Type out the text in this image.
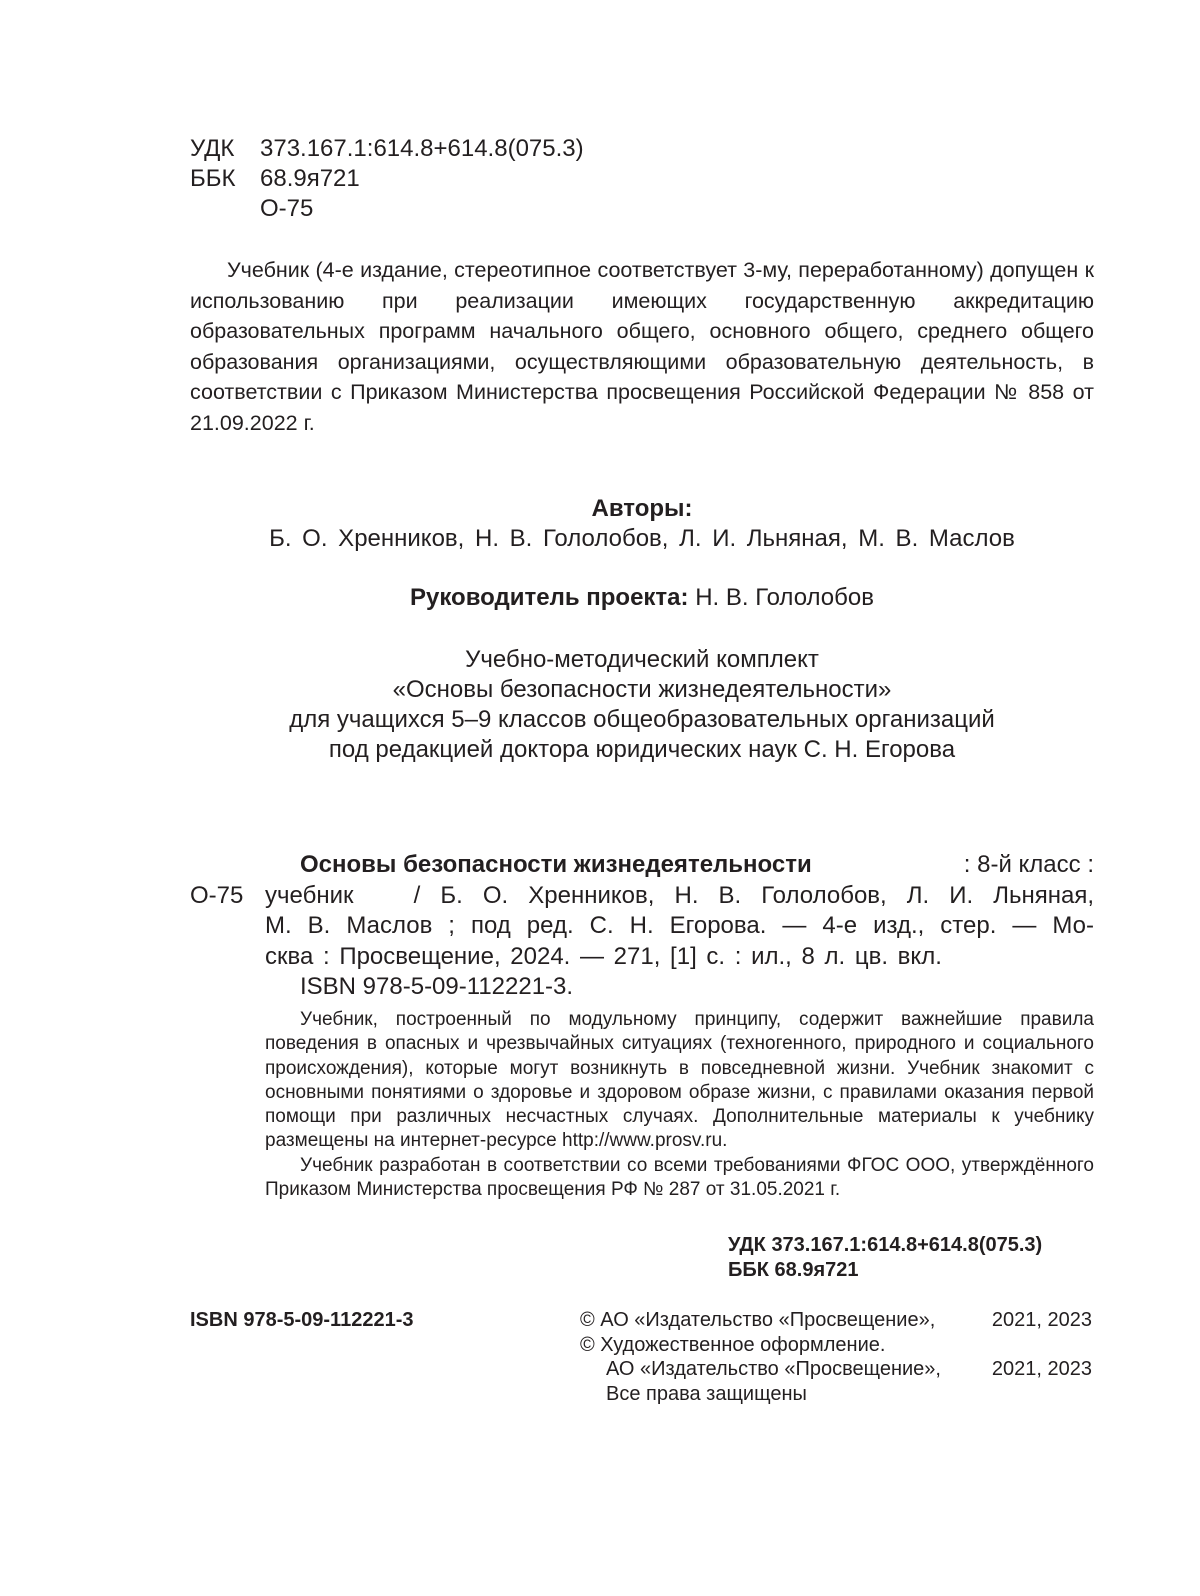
УДК	373.167.1:614.8+614.8(075.3)
ББК	68.9я721
О-75
Учебник (4-е издание, стереотипное соответствует 3-му, переработанному) допущен к использованию при реализации имеющих государственную аккредитацию образовательных программ начального общего, основного общего, среднего общего образования организациями, осуществляющими образовательную деятельность, в соответствии с Приказом Министерства просвещения Российской Федерации № 858 от 21.09.2022 г.
Авторы:
Б. О. Хренников, Н. В. Гололобов, Л. И. Льняная, М. В. Маслов
Руководитель проекта: Н. В. Гололобов
Учебно-методический комплект
«Основы безопасности жизнедеятельности»
для учащихся 5–9 классов общеобразовательных организаций
под редакцией доктора юридических наук С. Н. Егорова
Основы безопасности жизнедеятельности	: 8-й класс :
О-75 учебник   / Б. О. Хренников, Н. В. Гололобов, Л. И. Льняная,
М. В. Маслов ; под ред. С. Н. Егорова. — 4-е изд., стер. — Мо-
сква : Просвещение, 2024. — 271, [1] с. : ил., 8 л. цв. вкл.
ISBN 978-5-09-112221-3.

Учебник, построенный по модульному принципу, содержит важнейшие правила поведения в опасных и чрезвычайных ситуациях (техногенного, природного и социального происхождения), которые могут возникнуть в повседневной жизни. Учебник знакомит с основными понятиями о здоровье и здоровом образе жизни, с правилами оказания первой помощи при различных несчастных случаях. Дополнительные материалы к учебнику размещены на интернет-ресурсе http://www.prosv.ru.

Учебник разработан в соответствии со всеми требованиями ФГОС ООО, утверждённого Приказом Министерства просвещения РФ № 287 от 31.05.2021 г.

УДК 373.167.1:614.8+614.8(075.3)
ББК 68.9я721
ISBN 978-5-09-112221-3	© АО «Издательство «Просвещение»,	2021, 2023
© Художественное оформление.
АО «Издательство «Просвещение»,	2021, 2023
Все права защищены
